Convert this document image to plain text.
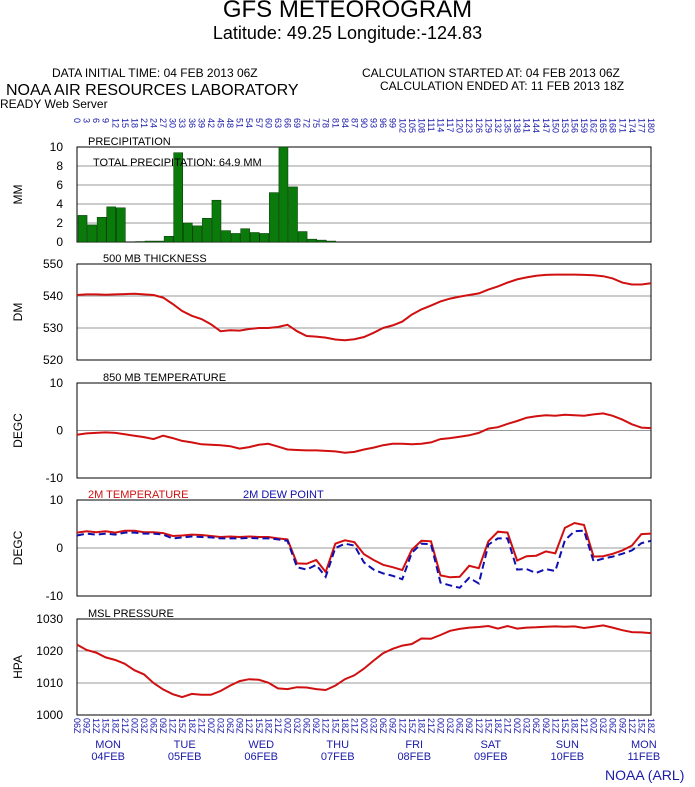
GFS METEOROGRAM
Latitude: 49.25 Longitude:-124.83
DATA INITIAL TIME: 04 FEB 2013 06Z	CALCULATION STARTED AT: 04 FEB 2013 06Z
CALCULATION ENDED AT: 11 FEB 2013 18Z
NOAA AIR RESOURCES LABORATORY
READY Web Server
NOAA (ARL)
0 3 6 9 12 15 18 21 24 27 30 33 36 39 42 45 48 51 54 57 60 63 66 69 72 75 78 81 84 87 90 93 96 99 102 105 108 111 114 117 120 123 126 129 132 135 138 141 144 147 150 153 156 159 162 165 168 171 174 177 180
06Z 09Z 12Z 15Z 18Z 21Z 00Z 03Z 06Z 09Z 12Z 15Z 18Z 21Z 00Z 03Z 06Z 09Z 12Z 15Z 18Z 21Z 00Z 03Z 06Z 09Z 12Z 15Z 18Z 21Z 00Z 03Z 06Z 09Z 12Z 15Z 18Z 21Z 00Z 03Z 06Z 09Z 12Z 15Z 18Z 21Z 00Z 03Z 06Z 09Z 12Z 15Z 18Z 21Z 00Z 03Z 06Z 09Z 12Z 15Z 18Z
MON
04FEB
TUE
05FEB
WED
06FEB
THU
07FEB
FRI
08FEB
SAT
09FEB
SUN
10FEB
MON
11FEB
0
2
4
6
8
10
MM
PRECIPITATION
TOTAL PRECIPITATION: 64.9 MM
520
530
540
550
DM
500 MB THICKNESS
-10
0
10
DEGC
850 MB TEMPERATURE
-10
0
10
DEGC
2M TEMPERATURE	2M DEW POINT
1000
1010
1020
1030
HPA
MSL PRESSURE
